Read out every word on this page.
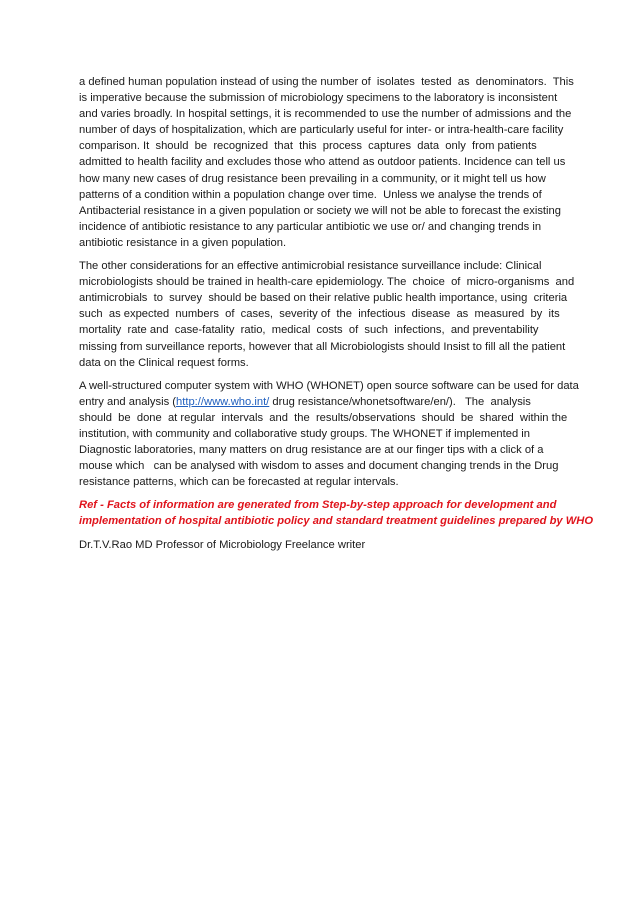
a defined human population instead of using the number of  isolates  tested  as  denominators.  This
is imperative because the submission of microbiology specimens to the laboratory is inconsistent
and varies broadly. In hospital settings, it is recommended to use the number of admissions and the
number of days of hospitalization, which are particularly useful for inter- or intra-health-care facility
comparison. It  should  be  recognized  that  this  process  captures  data  only  from patients
admitted to health facility and excludes those who attend as outdoor patients. Incidence can tell us
how many new cases of drug resistance been prevailing in a community, or it might tell us how
patterns of a condition within a population change over time.  Unless we analyse the trends of
Antibacterial resistance in a given population or society we will not be able to forecast the existing
incidence of antibiotic resistance to any particular antibiotic we use or/ and changing trends in
antibiotic resistance in a given population.

The other considerations for an effective antimicrobial resistance surveillance include: Clinical
microbiologists should be trained in health-care epidemiology. The  choice  of  micro-organisms  and
antimicrobials  to  survey  should be based on their relative public health importance, using  criteria
such  as expected  numbers  of  cases,  severity of  the  infectious  disease  as  measured  by  its
mortality  rate and  case-fatality  ratio,  medical  costs  of  such  infections,  and preventability
missing from surveillance reports, however that all Microbiologists should Insist to fill all the patient
data on the Clinical request forms.

A well-structured computer system with WHO (WHONET) open source software can be used for data
entry and analysis (http://www.who.int/ drug resistance/whonetsoftware/en/).   The  analysis
should  be  done  at regular  intervals  and  the  results/observations  should  be  shared  within the
institution, with community and collaborative study groups. The WHONET if implemented in
Diagnostic laboratories, many matters on drug resistance are at our finger tips with a click of a
mouse which   can be analysed with wisdom to asses and document changing trends in the Drug
resistance patterns, which can be forecasted at regular intervals.

Ref - Facts of information are generated from Step-by-step approach for development and
implementation of hospital antibiotic policy and standard treatment guidelines prepared by WHO

Dr.T.V.Rao MD Professor of Microbiology Freelance writer
